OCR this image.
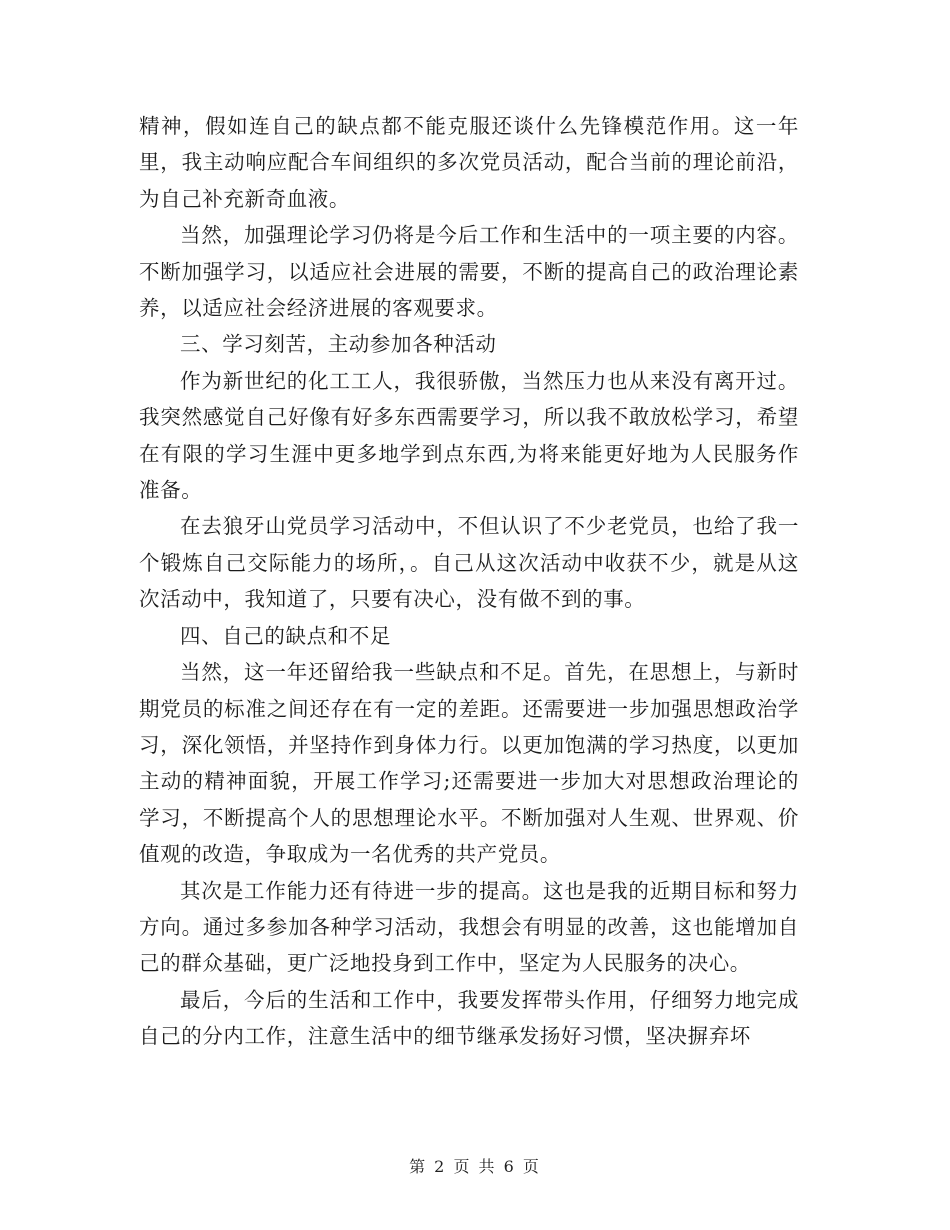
精神，假如连自己的缺点都不能克服还谈什么先锋模范作用。这一年里，我主动响应配合车间组织的多次党员活动，配合当前的理论前沿，为自己补充新奇血液。

当然，加强理论学习仍将是今后工作和生活中的一项主要的内容。不断加强学习，以适应社会进展的需要，不断的提高自己的政治理论素养，以适应社会经济进展的客观要求。

三、学习刻苦，主动参加各种活动

作为新世纪的化工工人，我很骄傲，当然压力也从来没有离开过。我突然感觉自己好像有好多东西需要学习，所以我不敢放松学习，希望在有限的学习生涯中更多地学到点东西,为将来能更好地为人民服务作准备。

在去狼牙山党员学习活动中，不但认识了不少老党员，也给了我一个锻炼自己交际能力的场所，。自己从这次活动中收获不少，就是从这次活动中，我知道了，只要有决心，没有做不到的事。

四、自己的缺点和不足

当然，这一年还留给我一些缺点和不足。首先，在思想上，与新时期党员的标准之间还存在有一定的差距。还需要进一步加强思想政治学习，深化领悟，并坚持作到身体力行。以更加饱满的学习热度，以更加主动的精神面貌，开展工作学习;还需要进一步加大对思想政治理论的学习，不断提高个人的思想理论水平。不断加强对人生观、世界观、价值观的改造，争取成为一名优秀的共产党员。

其次是工作能力还有待进一步的提高。这也是我的近期目标和努力方向。通过多参加各种学习活动，我想会有明显的改善，这也能增加自己的群众基础，更广泛地投身到工作中，坚定为人民服务的决心。

最后，今后的生活和工作中，我要发挥带头作用，仔细努力地完成自己的分内工作，注意生活中的细节继承发扬好习惯，坚决摒弃坏

第 2 页 共 6 页
